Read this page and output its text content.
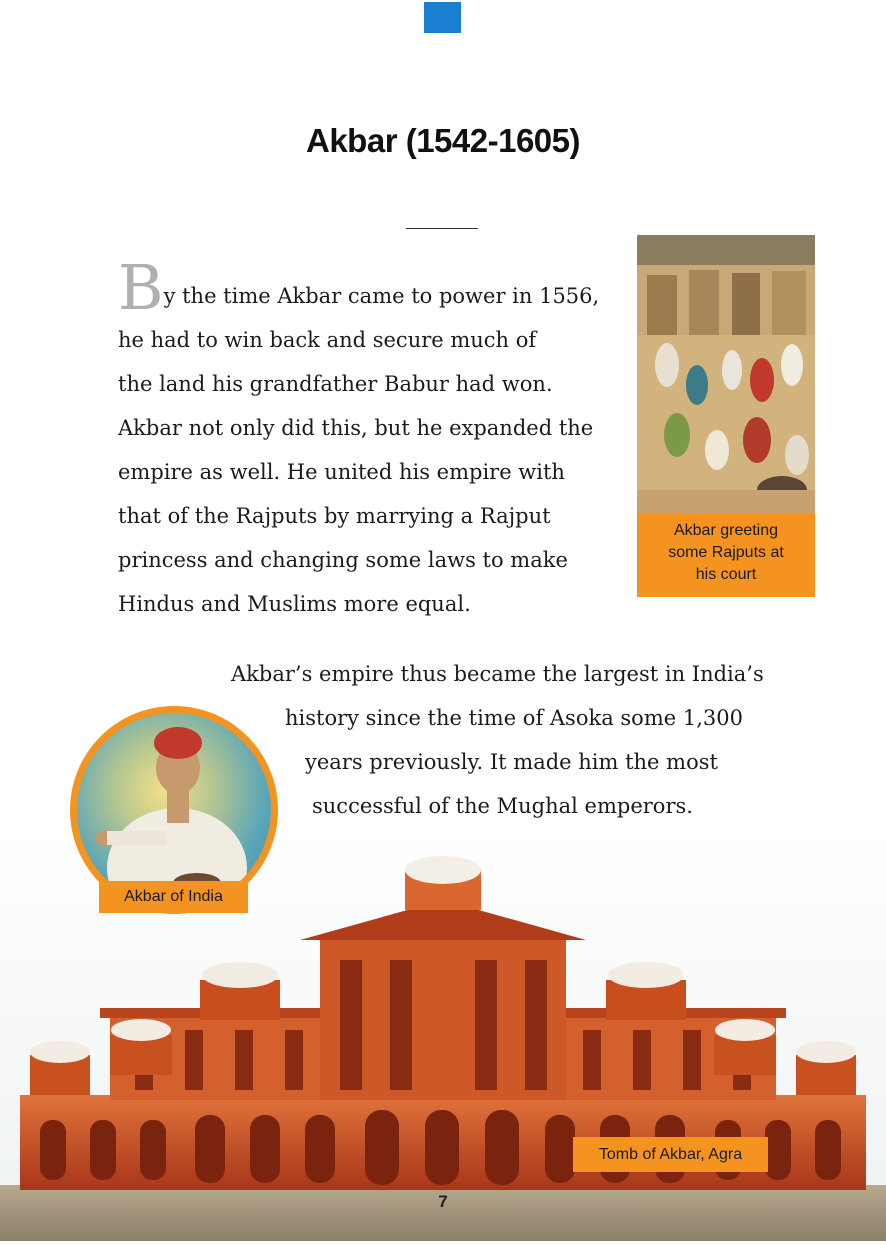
Akbar (1542-1605)

By the time Akbar came to power in 1556,
he had to win back and secure much of
the land his grandfather Babur had won.
Akbar not only did this, but he expanded the
empire as well. He united his empire with
that of the Rajputs by marrying a Rajput
princess and changing some laws to make
Hindus and Muslims more equal.

Akbar greeting
some Rajputs at
his court
Akbar’s empire thus became the largest in India’s
history since the time of Asoka some 1,300
years previously. It made him the most
successful of the Mughal emperors.
Akbar of India
Tomb of Akbar, Agra
7
